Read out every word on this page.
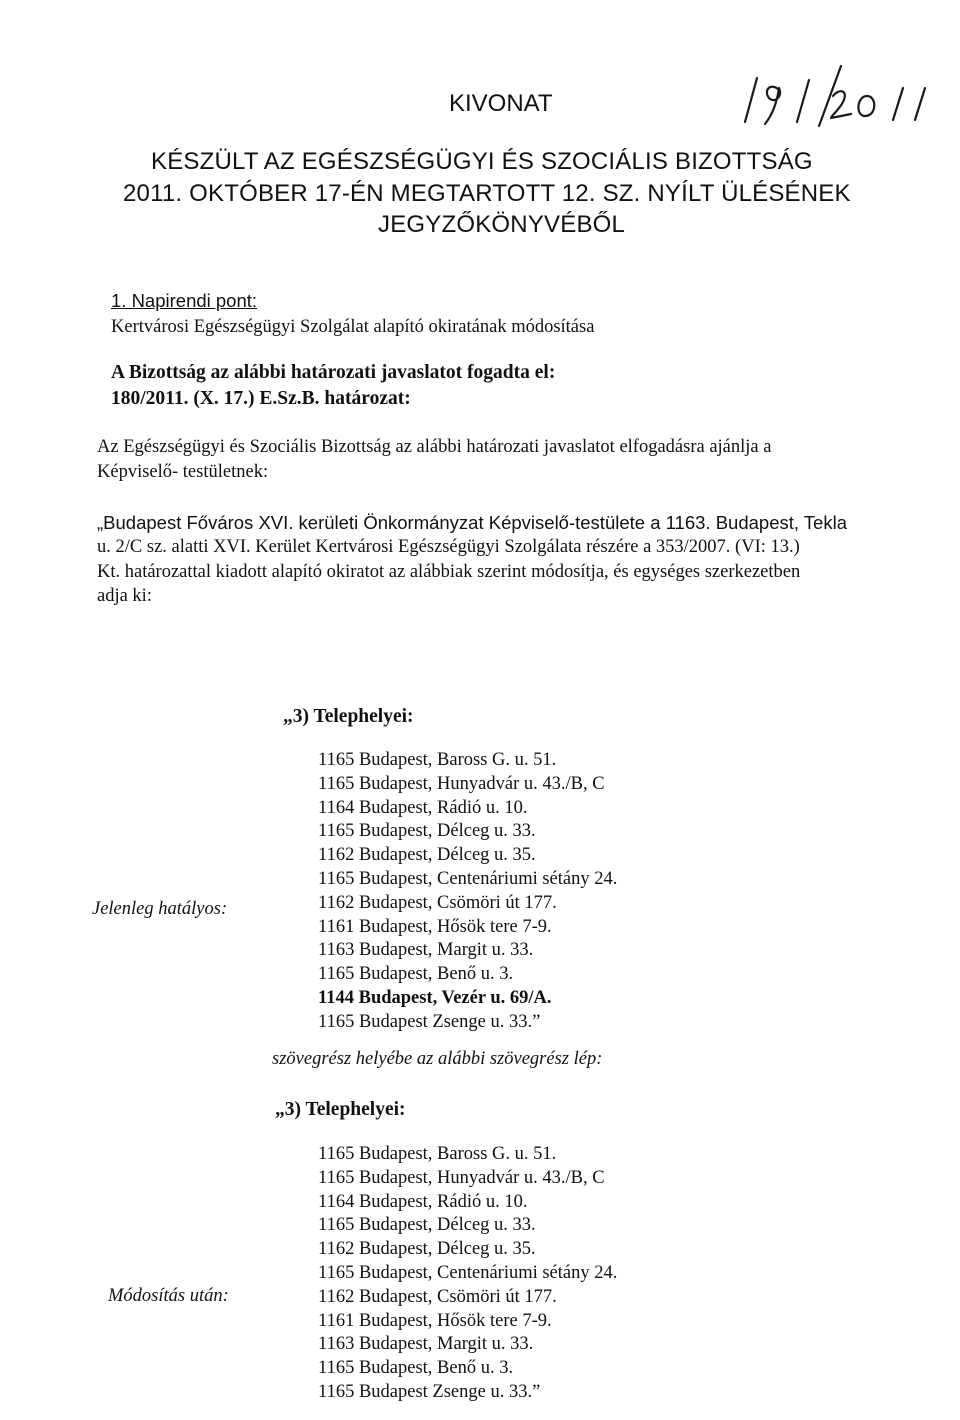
KIVONAT
KÉSZÜLT AZ EGÉSZSÉGÜGYI ÉS SZOCIÁLIS BIZOTTSÁG
2011. OKTÓBER 17-ÉN MEGTARTOTT 12. SZ. NYÍLT ÜLÉSÉNEK
JEGYZŐKÖNYVÉBŐL
1. Napirendi pont:
Kertvárosi Egészségügyi Szolgálat alapító okiratának módosítása
A Bizottság az alábbi határozati javaslatot fogadta el:
180/2011. (X. 17.) E.Sz.B. határozat:
Az Egészségügyi és Szociális Bizottság az alábbi határozati javaslatot elfogadásra ajánlja a
Képviselő- testületnek:
„Budapest Főváros XVI. kerületi Önkormányzat Képviselő-testülete a 1163. Budapest, Tekla
u. 2/C sz. alatti XVI. Kerület Kertvárosi Egészségügyi Szolgálata részére a 353/2007. (VI: 13.)
Kt. határozattal kiadott alapító okiratot az alábbiak szerint módosítja, és egységes szerkezetben
adja ki:
„3) Telephelyei:
1165 Budapest, Baross G. u. 51.
1165 Budapest, Hunyadvár u. 43./B, C
1164 Budapest, Rádió u. 10.
1165 Budapest, Délceg u. 33.
1162 Budapest, Délceg u. 35.
1165 Budapest, Centenáriumi sétány 24.
1162 Budapest, Csömöri út 177.
1161 Budapest, Hősök tere 7-9.
1163 Budapest, Margit u. 33.
1165 Budapest, Benő u. 3.
1144 Budapest, Vezér u. 69/A.
1165 Budapest Zsenge u. 33.”
Jelenleg hatályos:
szövegrész helyébe az alábbi szövegrész lép:
„3) Telephelyei:
1165 Budapest, Baross G. u. 51.
1165 Budapest, Hunyadvár u. 43./B, C
1164 Budapest, Rádió u. 10.
1165 Budapest, Délceg u. 33.
1162 Budapest, Délceg u. 35.
1165 Budapest, Centenáriumi sétány 24.
1162 Budapest, Csömöri út 177.
1161 Budapest, Hősök tere 7-9.
1163 Budapest, Margit u. 33.
1165 Budapest, Benő u. 3.
1165 Budapest Zsenge u. 33.”
Módosítás után:
